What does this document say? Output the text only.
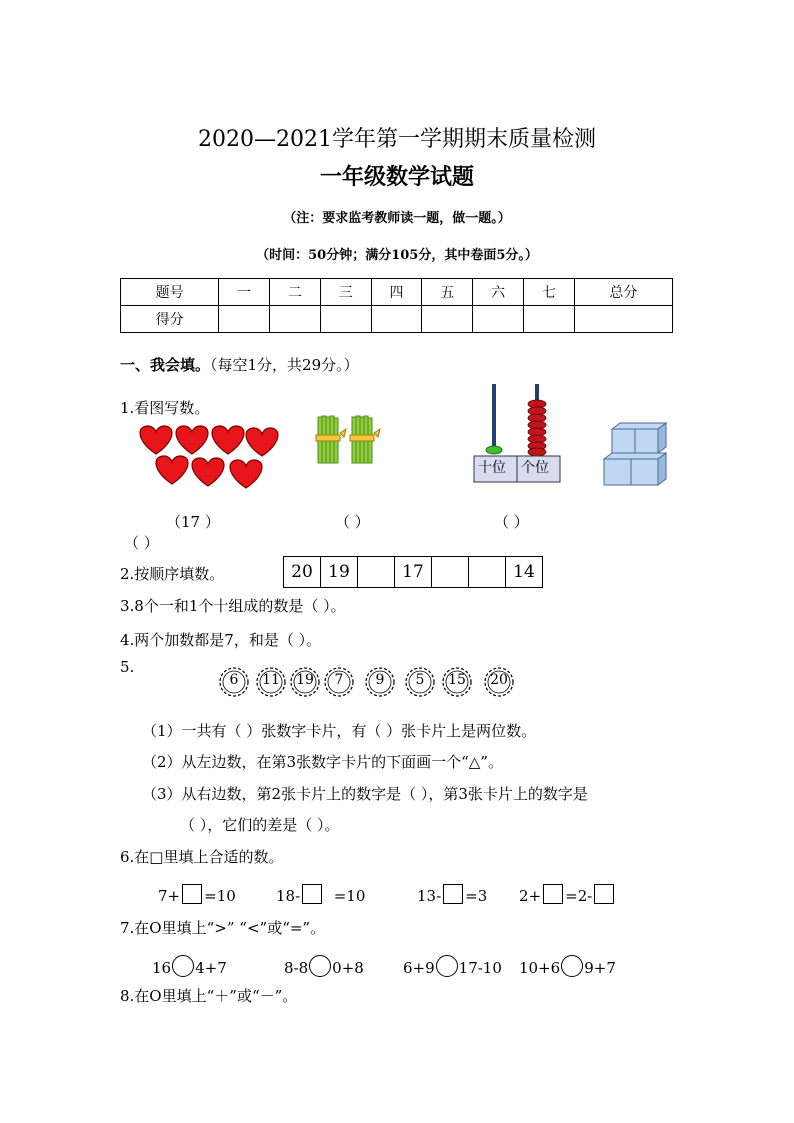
2020—2021学年第一学期期末质量检测
一年级数学试题
（注：要求监考教师读一题，做一题。）
（时间：50分钟；满分105分，其中卷面5分。）
题号	一	二	三	四	五	六	七	总分
得分								
一、我会填。（每空1分，共29分。）
1.看图写数。
十位 个位
（17 ）	（ ）	（ ）
（ ）
2.按顺序填数。	20	19		17			14
3.8个一和1个十组成的数是（ ）。
4.两个加数都是7，和是（ ）。
5.
6	11	19	7	9	5	15	20
（1）一共有（ ）张数字卡片，有（ ）张卡片上是两位数。
（2）从左边数，在第3张数字卡片的下面画一个“△”。
（3）从右边数，第2张卡片上的数字是（ ），第3张卡片上的数字是
（ ），它们的差是（ ）。
6.在□里填上合适的数。
7+ =10	18- =10	13- =3 2+ =2-
7.在O里填上“>” “<”或“=”。
16 4+7	8-8 0+8	6+9 17-10 10+6 9+7
8.在O里填上“＋”或“－”。
